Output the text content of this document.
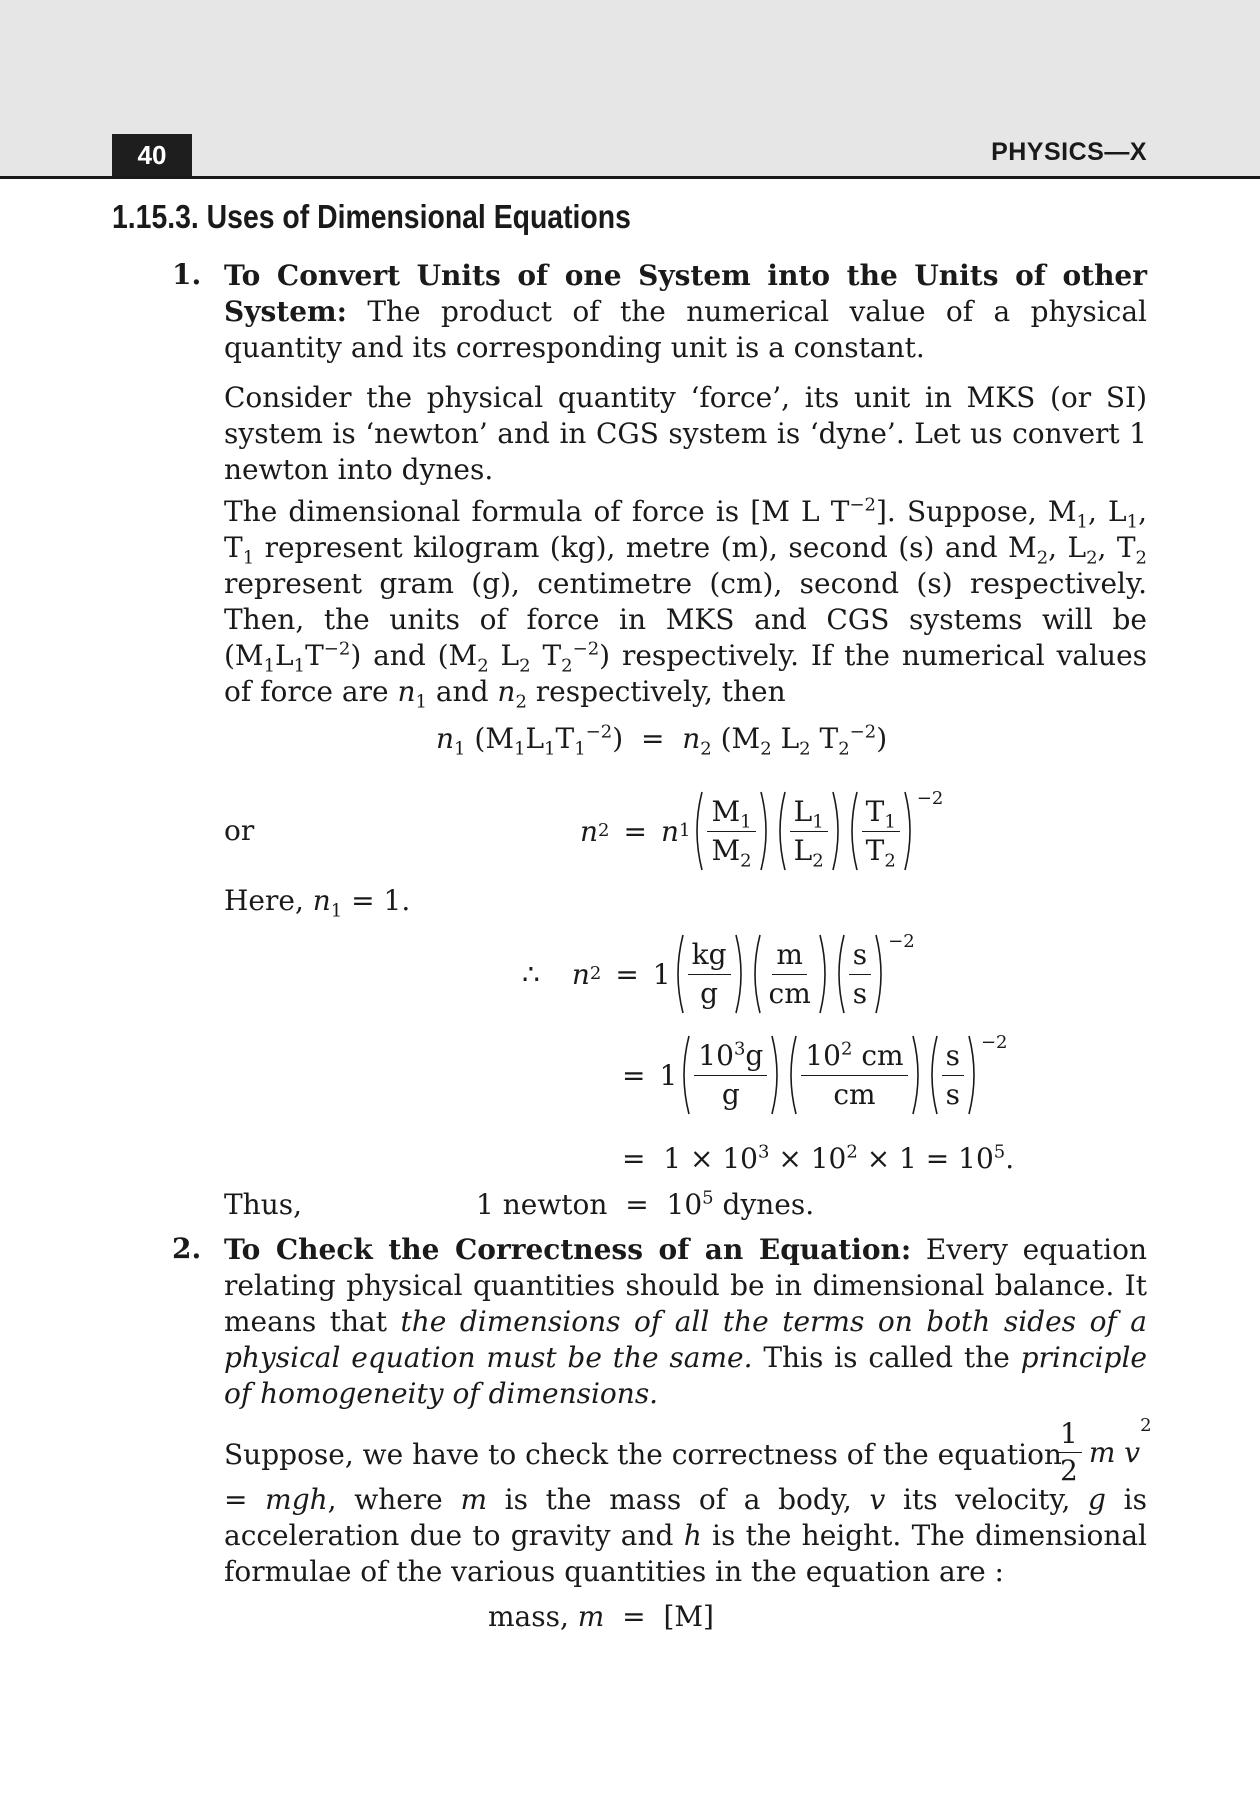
40	PHYSICS—X
1.15.3. Uses of Dimensional Equations
1. To Convert Units of one System into the Units of other System: The product of the numerical value of a physical quantity and its corresponding unit is a constant.
Consider the physical quantity ‘force’, its unit in MKS (or SI) system is ‘newton’ and in CGS system is ‘dyne’. Let us convert 1 newton into dynes.
The dimensional formula of force is [M L $T^{-2}$]. Suppose, $M_1$, $L_1$, $T_1$ represent kilogram (kg), metre (m), second (s) and $M_2$, $L_2$, $T_2$ represent gram (g), centimetre (cm), second (s) respectively. Then, the units of force in MKS and CGS systems will be $(M_1L_1T^{-2})$ and ($M_2$ $L_2$ $T_2^{-2}$) respectively. If the numerical values of force are $n_1$ and $n_2$ respectively, then
$n_1$ $(M_1L_1T_1^{-2}) = n_2$ ($M_2$ $L_2$ $T_2^{-2}$)
or	n 2 = n $1 \frac{M_1}{M_2} \frac{L_1}{L_2} \frac{T_1}{T_2} -2$
Here, $n_1 = 1$.
∴ n $2 = 1 \frac{kg}{g} \frac{m}{cm} \frac{s}{s} -2$
= $1 \frac{10^3g}{g} \frac{10^2 cm}{cm} \frac{s}{s} -2$
= $1 \times 10^3 \times 10^2 \times 1 = 10^5$.
Thus,	1 newton = $10^5$ dynes.
2. To Check the Correctness of an Equation: Every equation relating physical quantities should be in dimensional balance. It means that the dimensions of all the terms on both sides of a physical equation must be the same. This is called the principle of homogeneity of dimensions.
Suppose, we have to check the correctness of the equation
$\frac{1}{2}$ m
v
2
= mgh, where m is the mass of a body, v its velocity, g is acceleration due to gravity and h is the height. The dimensional formulae of the various quantities in the equation are :
mass, m = [M]
